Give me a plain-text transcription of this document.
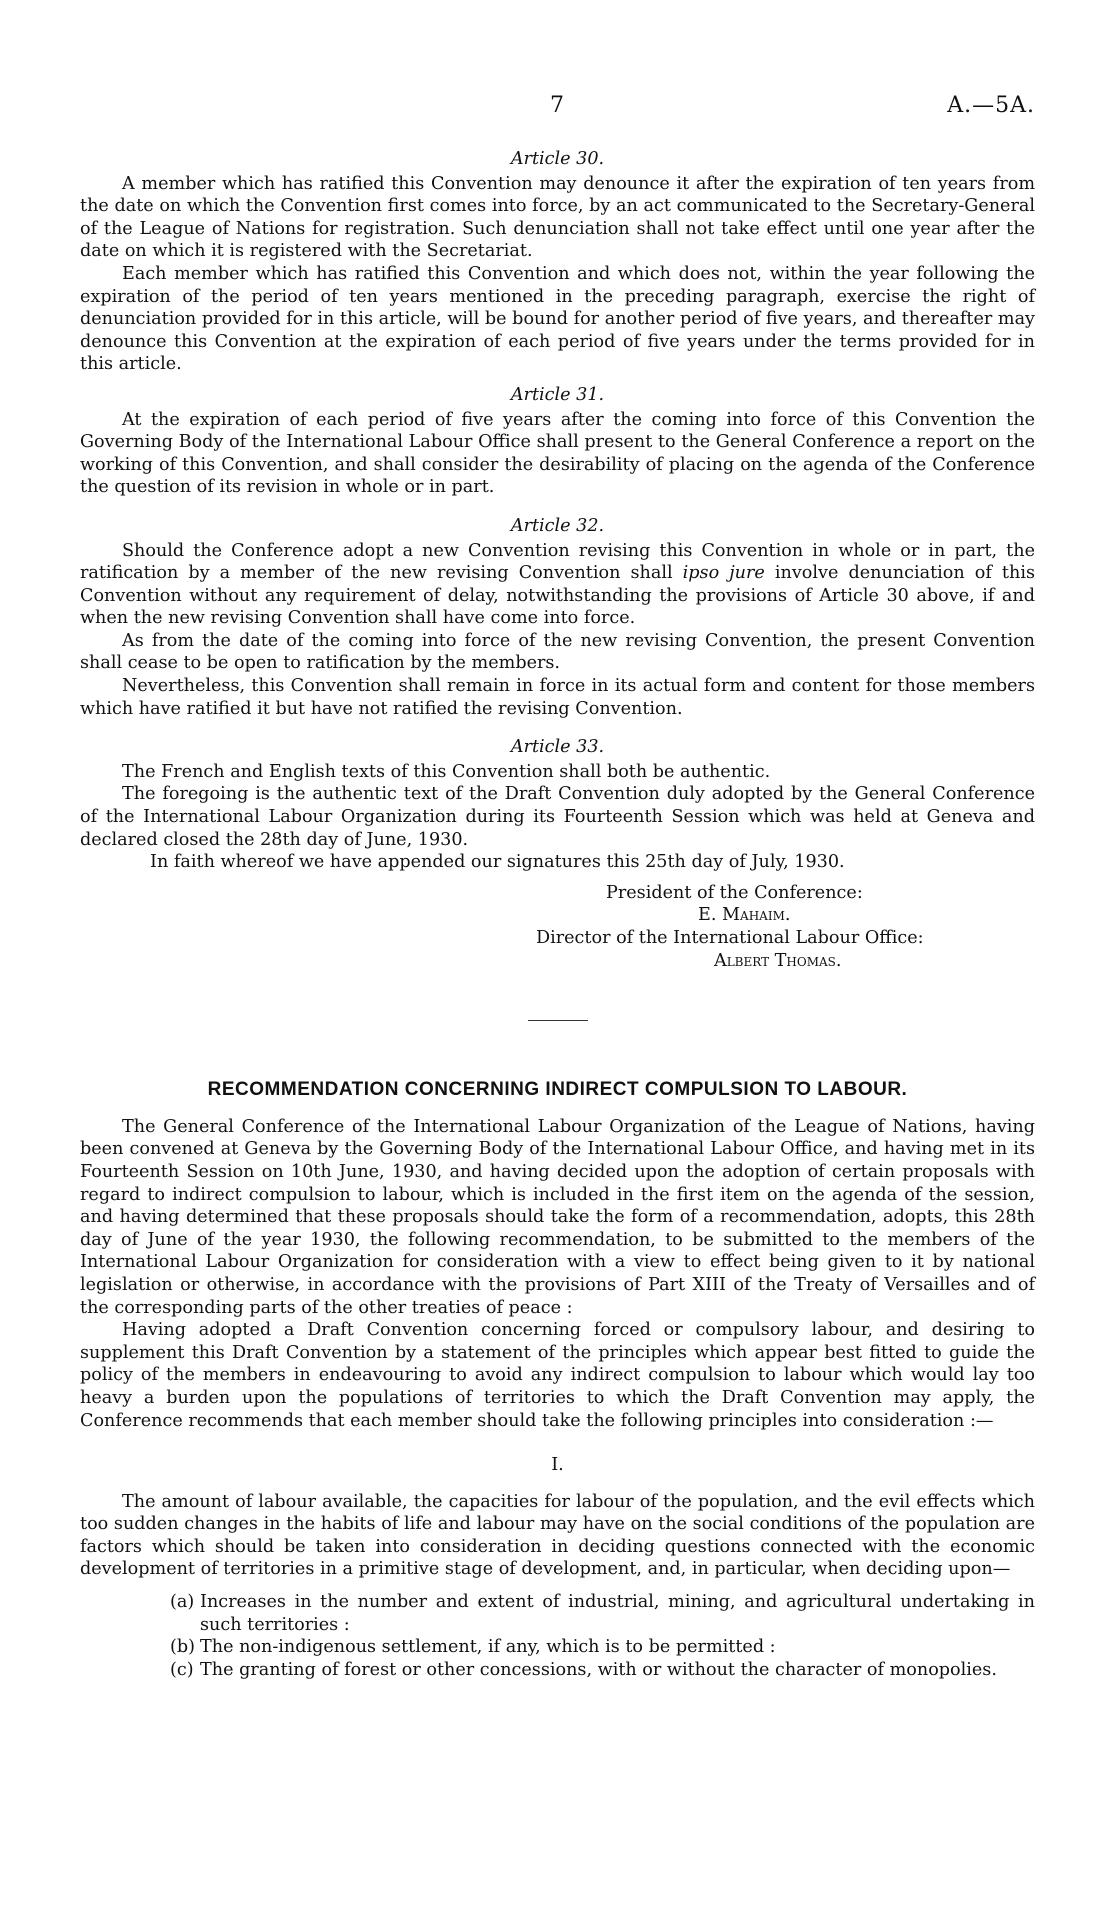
7	A.—5A.
Article 30.

A member which has ratified this Convention may denounce it after the expiration of ten years from the date on which the Convention first comes into force, by an act communicated to the Secretary-General of the League of Nations for registration. Such denunciation shall not take effect until one year after the date on which it is registered with the Secretariat.

Each member which has ratified this Convention and which does not, within the year following the expiration of the period of ten years mentioned in the preceding paragraph, exercise the right of denunciation provided for in this article, will be bound for another period of five years, and thereafter may denounce this Convention at the expiration of each period of five years under the terms provided for in this article.

Article 31.

At the expiration of each period of five years after the coming into force of this Convention the Governing Body of the International Labour Office shall present to the General Conference a report on the working of this Convention, and shall consider the desirability of placing on the agenda of the Conference the question of its revision in whole or in part.

Article 32.

Should the Conference adopt a new Convention revising this Convention in whole or in part, the ratification by a member of the new revising Convention shall ipso jure involve denunciation of this Convention without any requirement of delay, notwithstanding the provisions of Article 30 above, if and when the new revising Convention shall have come into force.

As from the date of the coming into force of the new revising Convention, the present Convention shall cease to be open to ratification by the members.

Nevertheless, this Convention shall remain in force in its actual form and content for those members which have ratified it but have not ratified the revising Convention.

Article 33.

The French and English texts of this Convention shall both be authentic.

The foregoing is the authentic text of the Draft Convention duly adopted by the General Conference of the International Labour Organization during its Fourteenth Session which was held at Geneva and declared closed the 28th day of June, 1930.

In faith whereof we have appended our signatures this 25th day of July, 1930.

President of the Conference:
E. Mahaim.
Director of the International Labour Office:
Albert Thomas.
RECOMMENDATION CONCERNING INDIRECT COMPULSION TO LABOUR.

The General Conference of the International Labour Organization of the League of Nations, having been convened at Geneva by the Governing Body of the International Labour Office, and having met in its Fourteenth Session on 10th June, 1930, and having decided upon the adoption of certain proposals with regard to indirect compulsion to labour, which is included in the first item on the agenda of the session, and having determined that these proposals should take the form of a recommendation, adopts, this 28th day of June of the year 1930, the following recommendation, to be submitted to the members of the International Labour Organization for consideration with a view to effect being given to it by national legislation or otherwise, in accordance with the provisions of Part XIII of the Treaty of Versailles and of the corresponding parts of the other treaties of peace :

Having adopted a Draft Convention concerning forced or compulsory labour, and desiring to supplement this Draft Convention by a statement of the principles which appear best fitted to guide the policy of the members in endeavouring to avoid any indirect compulsion to labour which would lay too heavy a burden upon the populations of territories to which the Draft Convention may apply, the Conference recommends that each member should take the following principles into consideration :—

I.

The amount of labour available, the capacities for labour of the population, and the evil effects which too sudden changes in the habits of life and labour may have on the social conditions of the population are factors which should be taken into consideration in deciding questions connected with the economic development of territories in a primitive stage of development, and, in particular, when deciding upon—

(a) Increases in the number and extent of industrial, mining, and agricultural undertaking in such territories :
(b) The non-indigenous settlement, if any, which is to be permitted :
(c) The granting of forest or other concessions, with or without the character of monopolies.
